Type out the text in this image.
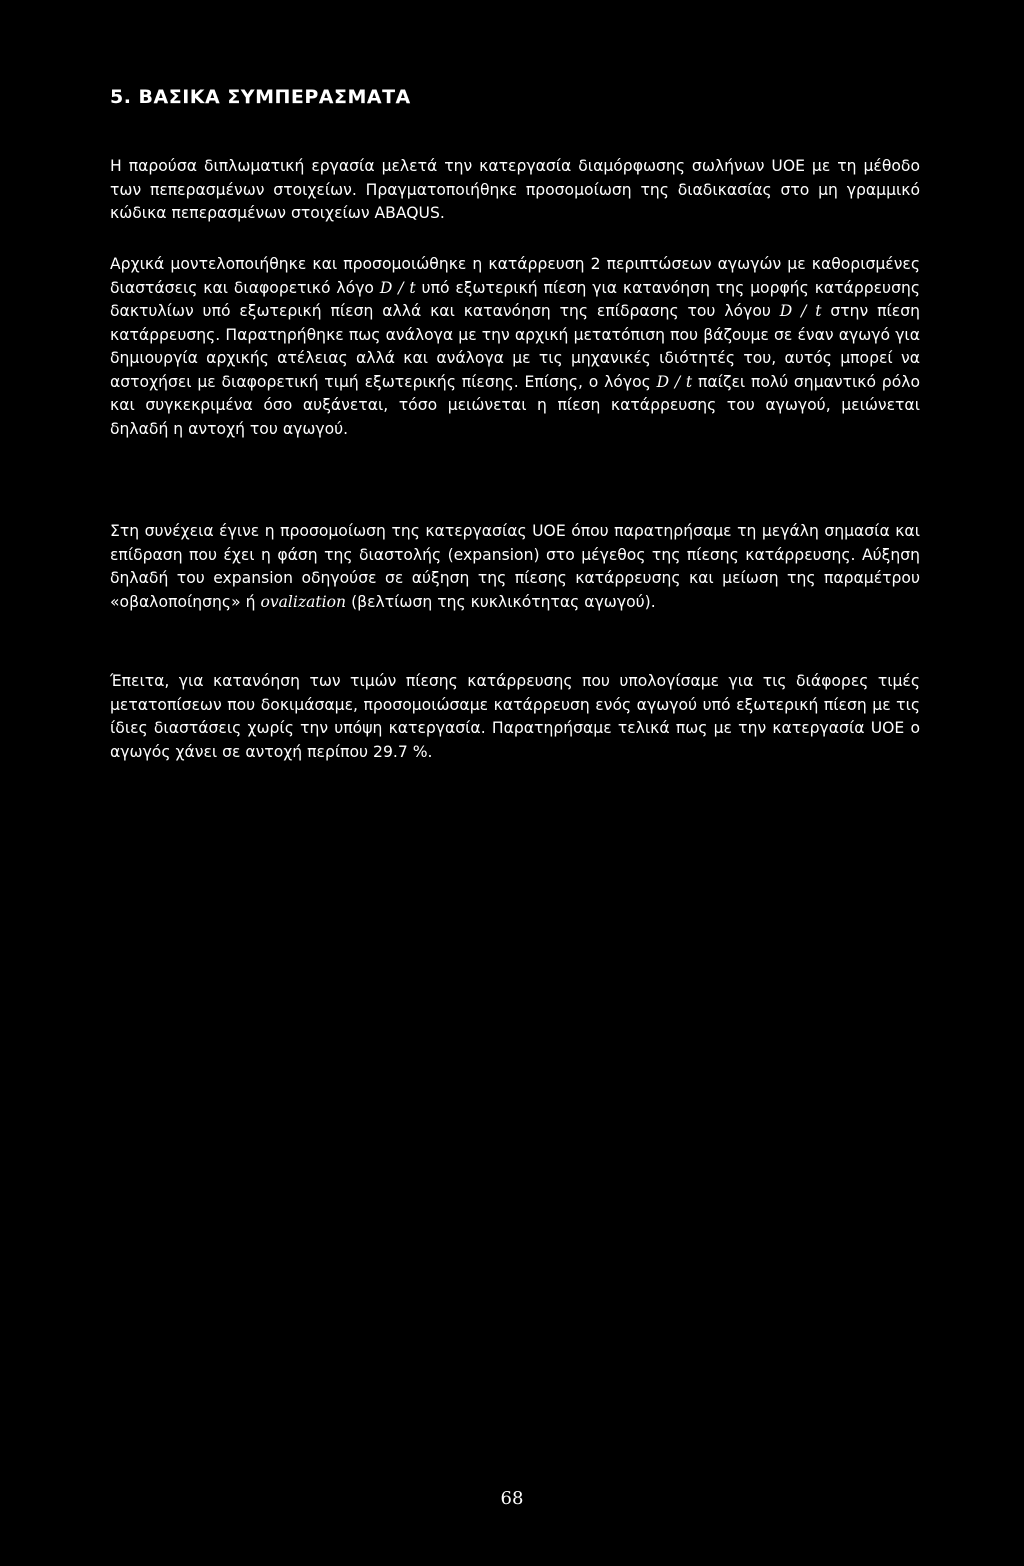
5. ΒΑΣΙΚΑ ΣΥΜΠΕΡΑΣΜΑΤΑ

Η παρούσα διπλωματική εργασία μελετά την κατεργασία διαμόρφωσης σωλήνων UOE με τη μέθοδο των πεπερασμένων στοιχείων. Πραγματοποιήθηκε προσομοίωση της διαδικασίας στο μη γραμμικό κώδικα πεπερασμένων στοιχείων ABAQUS.

Αρχικά μοντελοποιήθηκε και προσομοιώθηκε η κατάρρευση 2 περιπτώσεων αγωγών με καθορισμένες διαστάσεις και διαφορετικό λόγο D / t υπό εξωτερική πίεση για κατανόηση της μορφής κατάρρευσης δακτυλίων υπό εξωτερική πίεση αλλά και κατανόηση της επίδρασης του λόγου D / t στην πίεση κατάρρευσης. Παρατηρήθηκε πως ανάλογα με την αρχική μετατόπιση που βάζουμε σε έναν αγωγό για δημιουργία αρχικής ατέλειας αλλά και ανάλογα με τις μηχανικές ιδιότητές του, αυτός μπορεί να αστοχήσει με διαφορετική τιμή εξωτερικής πίεσης. Επίσης, ο λόγος D / t παίζει πολύ σημαντικό ρόλο και συγκεκριμένα όσο αυξάνεται, τόσο μειώνεται η πίεση κατάρρευσης του αγωγού, μειώνεται δηλαδή η αντοχή του αγωγού.

Στη συνέχεια έγινε η προσομοίωση της κατεργασίας UOE όπου παρατηρήσαμε τη μεγάλη σημασία και επίδραση που έχει η φάση της διαστολής (expansion) στο μέγεθος της πίεσης κατάρρευσης. Αύξηση δηλαδή του expansion οδηγούσε σε αύξηση της πίεσης κατάρρευσης και μείωση της παραμέτρου «οβαλοποίησης» ή ovalization (βελτίωση της κυκλικότητας αγωγού).

Έπειτα, για κατανόηση των τιμών πίεσης κατάρρευσης που υπολογίσαμε για τις διάφορες τιμές μετατοπίσεων που δοκιμάσαμε, προσομοιώσαμε κατάρρευση ενός αγωγού υπό εξωτερική πίεση με τις ίδιες διαστάσεις χωρίς την υπόψη κατεργασία. Παρατηρήσαμε τελικά πως με την κατεργασία UOE ο αγωγός χάνει σε αντοχή περίπου 29.7 %.

68
